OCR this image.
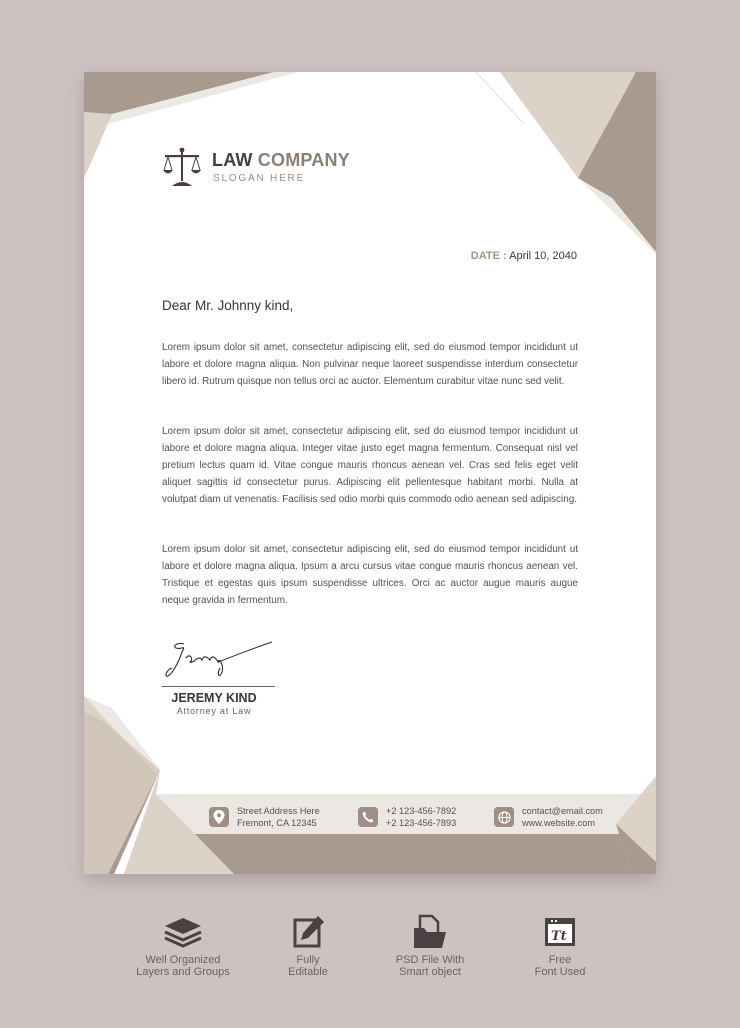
LAW COMPANY
SLOGAN HERE
DATE : April 10, 2040
Dear Mr. Johnny kind,

Lorem ipsum dolor sit amet, consectetur adipiscing elit, sed do eiusmod tempor incididunt ut labore et dolore magna aliqua. Non pulvinar neque laoreet suspendisse interdum consectetur libero id. Rutrum quisque non tellus orci ac auctor. Elementum curabitur vitae nunc sed velit.

Lorem ipsum dolor sit amet, consectetur adipiscing elit, sed do eiusmod tempor incididunt ut labore et dolore magna aliqua. Integer vitae justo eget magna fermentum. Consequat nisl vel pretium lectus quam id. Vitae congue mauris rhoncus aenean vel. Cras sed felis eget velit aliquet sagittis id consectetur purus. Adipiscing elit pellentesque habitant morbi. Nulla at volutpat diam ut venenatis. Facilisis sed odio morbi quis commodo odio aenean sed adipiscing.

Lorem ipsum dolor sit amet, consectetur adipiscing elit, sed do eiusmod tempor incididunt ut labore et dolore magna aliqua. Ipsum a arcu cursus vitae congue mauris rhoncus aenean vel. Tristique et egestas quis ipsum suspendisse ultrices. Orci ac auctor augue mauris augue neque gravida in fermentum.

JEREMY KIND
Attorney at Law
Street Address Here
Fremont, CA 12345
+2 123-456-7892
+2 123-456-7893
contact@email.com
www.website.com
Well Organized
Layers and Groups
Fully
Editable
PSD File With
Smart object
Tt
Free
Font Used
